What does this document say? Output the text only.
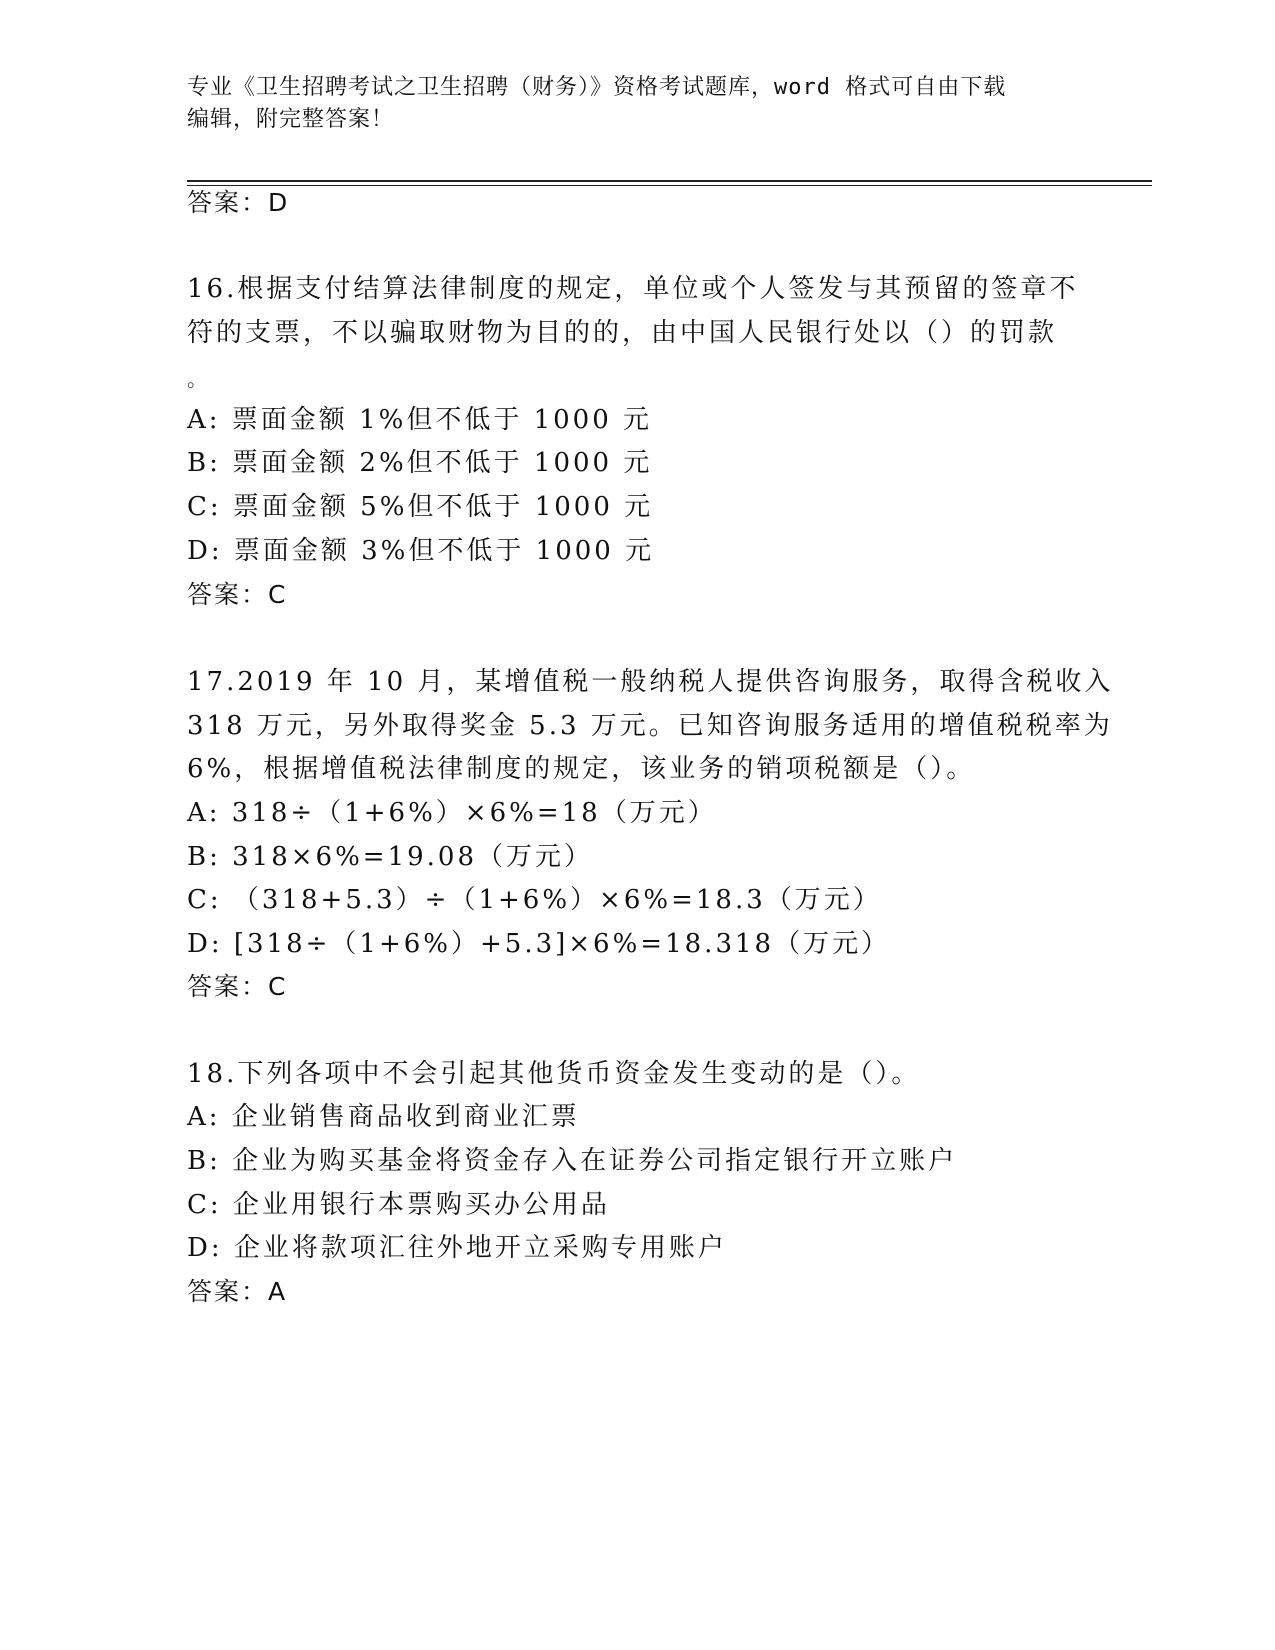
专业《卫生招聘考试之卫生招聘（财务）》资格考试题库，word 格式可自由下载
编辑，附完整答案！
答案：D
16.根据支付结算法律制度的规定，单位或个人签发与其预留的签章不
符的支票，不以骗取财物为目的的，由中国人民银行处以（）的罚款
。
A: 票面金额 1%但不低于 1000 元
B: 票面金额 2%但不低于 1000 元
C: 票面金额 5%但不低于 1000 元
D: 票面金额 3%但不低于 1000 元
答案：C
17.2019 年 10 月，某增值税一般纳税人提供咨询服务，取得含税收入
318 万元，另外取得奖金 5.3 万元。已知咨询服务适用的增值税税率为
6%，根据增值税法律制度的规定，该业务的销项税额是（）。
A: 318÷（1+6%）×6%=18（万元）
B: 318×6%=19.08（万元）
C: （318+5.3）÷（1+6%）×6%=18.3（万元）
D: [318÷（1+6%）+5.3]×6%=18.318（万元）
答案：C
18.下列各项中不会引起其他货币资金发生变动的是（）。
A: 企业销售商品收到商业汇票
B: 企业为购买基金将资金存入在证券公司指定银行开立账户
C: 企业用银行本票购买办公用品
D: 企业将款项汇往外地开立采购专用账户
答案：A
